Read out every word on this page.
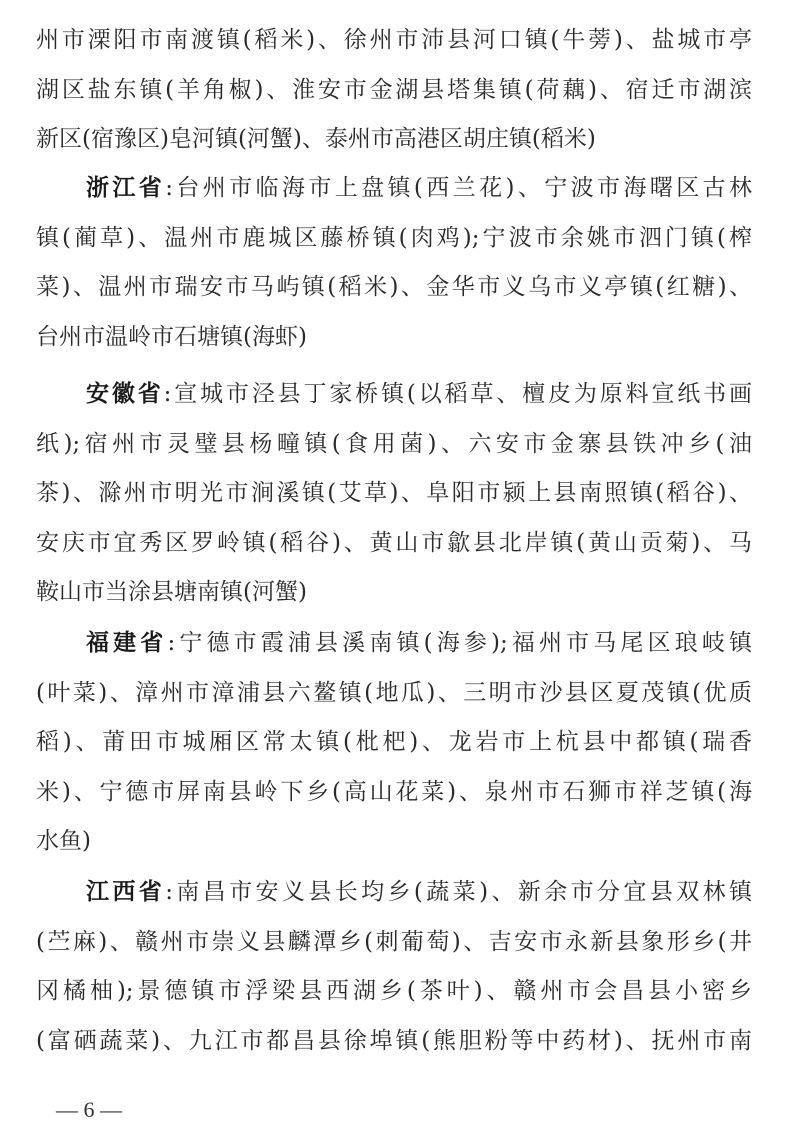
州市溧阳市南渡镇(稻米)、徐州市沛县河口镇(牛蒡)、盐城市亭
湖区盐东镇(羊角椒)、淮安市金湖县塔集镇(荷藕)、宿迁市湖滨
新区(宿豫区)皂河镇(河蟹)、泰州市高港区胡庄镇(稻米)
浙江省:台州市临海市上盘镇(西兰花)、宁波市海曙区古林
镇(蔺草)、温州市鹿城区藤桥镇(肉鸡);宁波市余姚市泗门镇(榨
菜)、温州市瑞安市马屿镇(稻米)、金华市义乌市义亭镇(红糖)、
台州市温岭市石塘镇(海虾)
安徽省:宣城市泾县丁家桥镇(以稻草、檀皮为原料宣纸书画
纸);宿州市灵璧县杨疃镇(食用菌)、六安市金寨县铁冲乡(油
茶)、滁州市明光市涧溪镇(艾草)、阜阳市颍上县南照镇(稻谷)、
安庆市宜秀区罗岭镇(稻谷)、黄山市歙县北岸镇(黄山贡菊)、马
鞍山市当涂县塘南镇(河蟹)
福建省:宁德市霞浦县溪南镇(海参);福州市马尾区琅岐镇
(叶菜)、漳州市漳浦县六鳌镇(地瓜)、三明市沙县区夏茂镇(优质
稻)、莆田市城厢区常太镇(枇杷)、龙岩市上杭县中都镇(瑞香
米)、宁德市屏南县岭下乡(高山花菜)、泉州市石狮市祥芝镇(海
水鱼)
江西省:南昌市安义县长均乡(蔬菜)、新余市分宜县双林镇
(苎麻)、赣州市崇义县麟潭乡(刺葡萄)、吉安市永新县象形乡(井
冈橘柚);景德镇市浮梁县西湖乡(茶叶)、赣州市会昌县小密乡
(富硒蔬菜)、九江市都昌县徐埠镇(熊胆粉等中药材)、抚州市南
— 6 —
